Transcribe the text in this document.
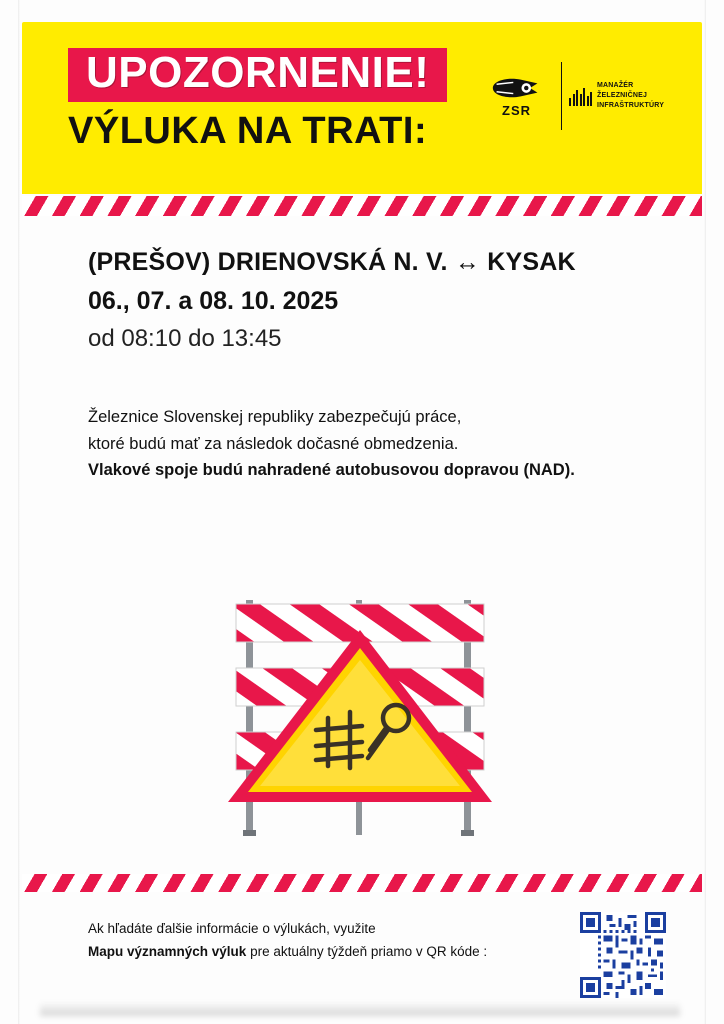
UPOZORNENIE!
VÝLUKA NA TRATI:	ZSR
MANAŽÉR
ŽELEZNIČNEJ
INFRAŠTRUKTÚRY
(PREŠOV) DRIENOVSKÁ N. V. ↔ KYSAK
06., 07. a 08. 10. 2025
od 08:10 do 13:45
Železnice Slovenskej republiky zabezpečujú práce,
ktoré budú mať za následok dočasné obmedzenia.
Vlakové spoje budú nahradené autobusovou dopravou (NAD).
Ak hľadáte ďalšie informácie o výlukách, využite
Mapu významných výluk pre aktuálny týždeň priamo v QR kóde :
